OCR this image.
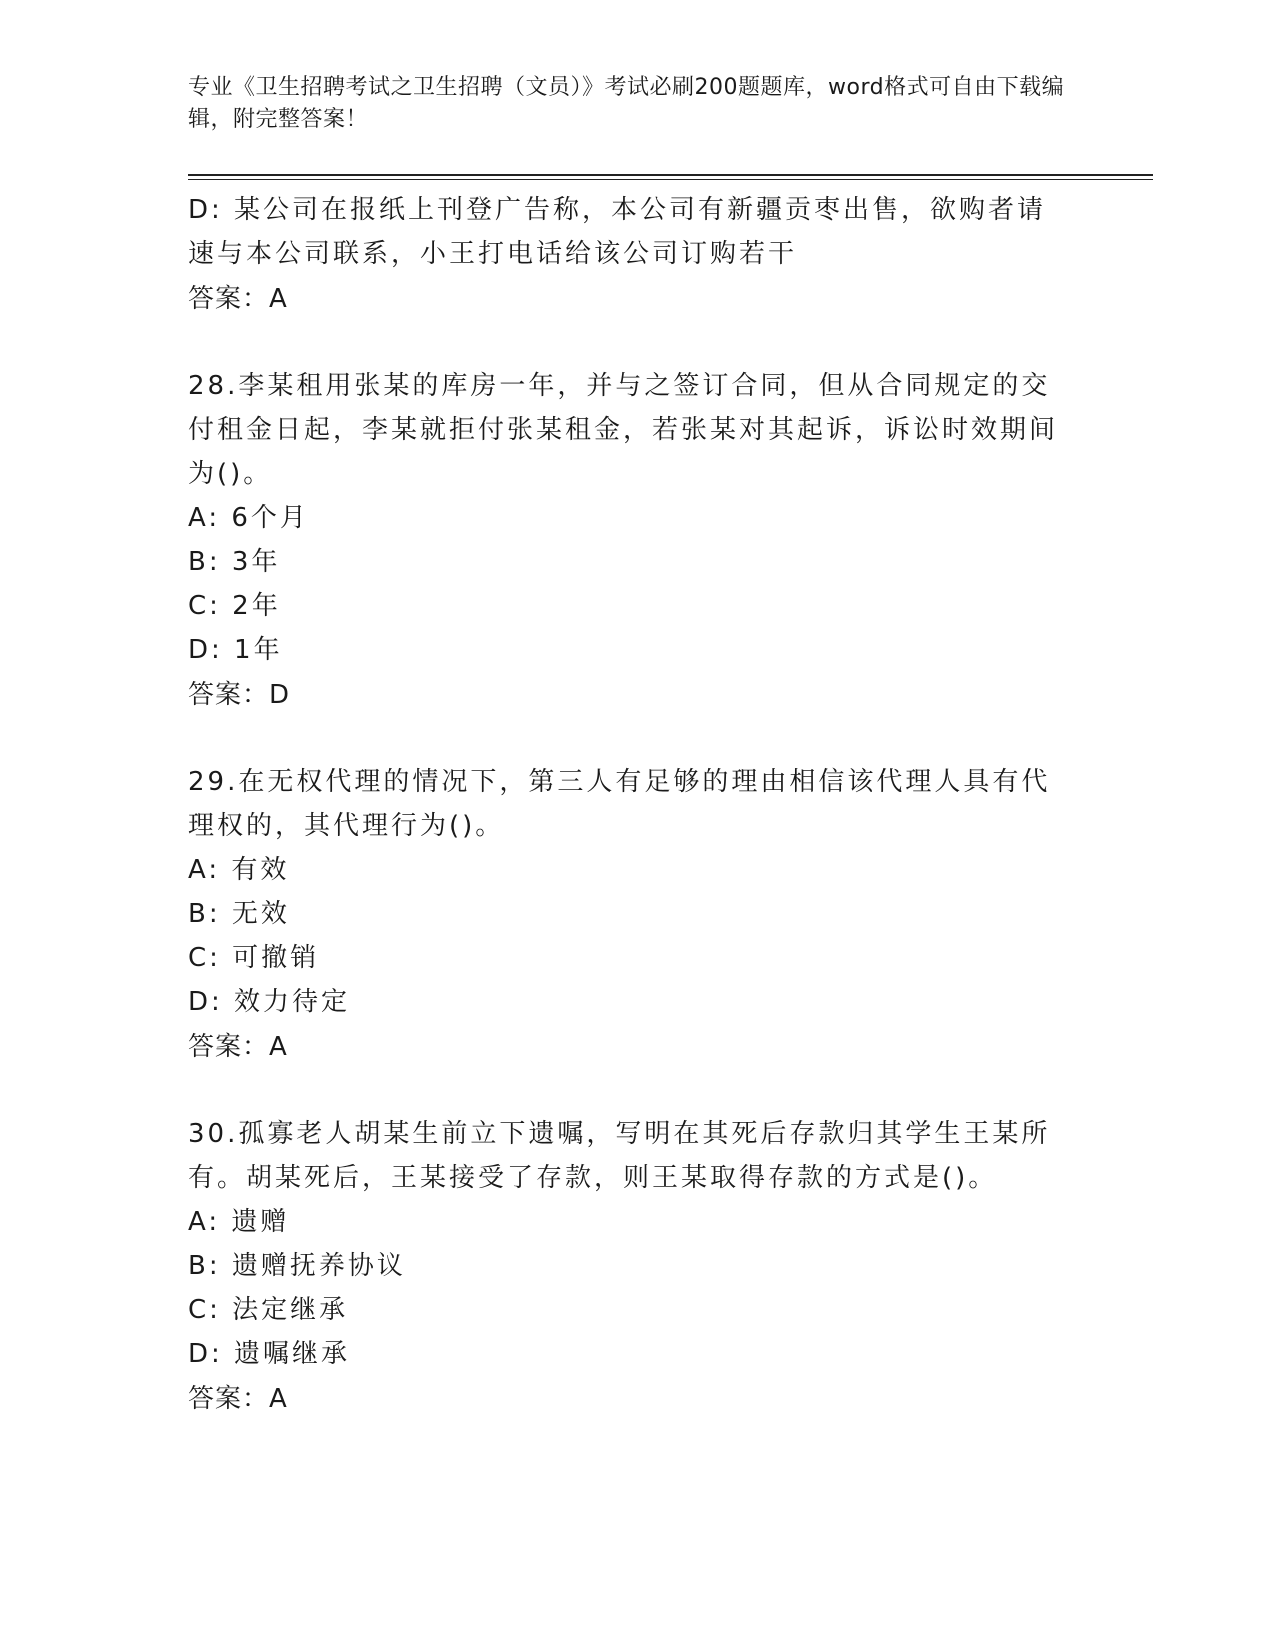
专业《卫生招聘考试之卫生招聘（文员）》考试必刷200题题库，word格式可自由下载编辑，附完整答案！

D: 某公司在报纸上刊登广告称，本公司有新疆贡枣出售，欲购者请速与本公司联系，小王打电话给该公司订购若干

答案：A

28.李某租用张某的库房一年，并与之签订合同，但从合同规定的交付租金日起，李某就拒付张某租金，若张某对其起诉，诉讼时效期间为()。

A: 6个月

B: 3年

C: 2年

D: 1年

答案：D

29.在无权代理的情况下，第三人有足够的理由相信该代理人具有代理权的，其代理行为()。

A: 有效

B: 无效

C: 可撤销

D: 效力待定

答案：A

30.孤寡老人胡某生前立下遗嘱，写明在其死后存款归其学生王某所有。胡某死后，王某接受了存款，则王某取得存款的方式是()。

A: 遗赠

B: 遗赠抚养协议

C: 法定继承

D: 遗嘱继承

答案：A
